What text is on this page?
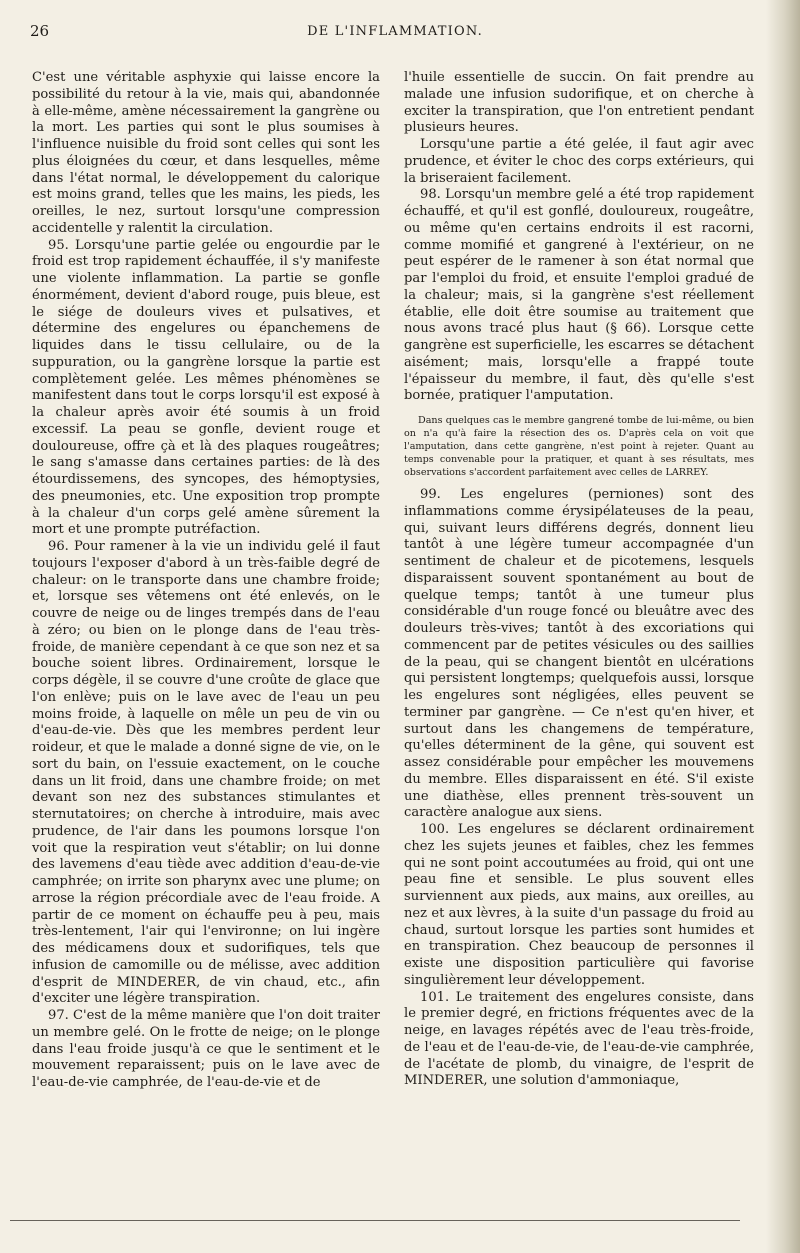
26	DE L'INFLAMMATION.

C'est une véritable asphyxie qui laisse encore la possibilité du retour à la vie, mais qui, abandonnée à elle-même, amène nécessairement la gangrène ou la mort. Les parties qui sont le plus soumises à l'influence nuisible du froid sont celles qui sont les plus éloignées du cœur, et dans lesquelles, même dans l'état normal, le développement du calorique est moins grand, telles que les mains, les pieds, les oreilles, le nez, surtout lorsqu'une compression accidentelle y ralentit la circulation.

95. Lorsqu'une partie gelée ou engourdie par le froid est trop rapidement échauffée, il s'y manifeste une violente inflammation. La partie se gonfle énormément, devient d'abord rouge, puis bleue, est le siége de douleurs vives et pulsatives, et détermine des engelures ou épanchemens de liquides dans le tissu cellulaire, ou de la suppuration, ou la gangrène lorsque la partie est complètement gelée. Les mêmes phénomènes se manifestent dans tout le corps lorsqu'il est exposé à la chaleur après avoir été soumis à un froid excessif. La peau se gonfle, devient rouge et douloureuse, offre çà et là des plaques rougeâtres; le sang s'amasse dans certaines parties: de là des étourdissemens, des syncopes, des hémoptysies, des pneumonies, etc. Une exposition trop prompte à la chaleur d'un corps gelé amène sûrement la mort et une prompte putréfaction.

96. Pour ramener à la vie un individu gelé il faut toujours l'exposer d'abord à un très-faible degré de chaleur: on le transporte dans une chambre froide; et, lorsque ses vêtemens ont été enlevés, on le couvre de neige ou de linges trempés dans de l'eau à zéro; ou bien on le plonge dans de l'eau très-froide, de manière cependant à ce que son nez et sa bouche soient libres. Ordinairement, lorsque le corps dégèle, il se couvre d'une croûte de glace que l'on enlève; puis on le lave avec de l'eau un peu moins froide, à laquelle on mêle un peu de vin ou d'eau-de-vie. Dès que les membres perdent leur roideur, et que le malade a donné signe de vie, on le sort du bain, on l'essuie exactement, on le couche dans un lit froid, dans une chambre froide; on met devant son nez des substances stimulantes et sternutatoires; on cherche à introduire, mais avec prudence, de l'air dans les poumons lorsque l'on voit que la respiration veut s'établir; on lui donne des lavemens d'eau tiède avec addition d'eau-de-vie camphrée; on irrite son pharynx avec une plume; on arrose la région précordiale avec de l'eau froide. A partir de ce moment on échauffe peu à peu, mais très-lentement, l'air qui l'environne; on lui ingère des médicamens doux et sudorifiques, tels que infusion de camomille ou de mélisse, avec addition d'esprit de MINDERER, de vin chaud, etc., afin d'exciter une légère transpiration.

97. C'est de la même manière que l'on doit traiter un membre gelé. On le frotte de neige; on le plonge dans l'eau froide jusqu'à ce que le sentiment et le mouvement reparaissent; puis on le lave avec de l'eau-de-vie camphrée, de l'eau-de-vie et de

l'huile essentielle de succin. On fait prendre au malade une infusion sudorifique, et on cherche à exciter la transpiration, que l'on entretient pendant plusieurs heures.

Lorsqu'une partie a été gelée, il faut agir avec prudence, et éviter le choc des corps extérieurs, qui la briseraient facilement.

98. Lorsqu'un membre gelé a été trop rapidement échauffé, et qu'il est gonflé, douloureux, rougeâtre, ou même qu'en certains endroits il est racorni, comme momifié et gangrené à l'extérieur, on ne peut espérer de le ramener à son état normal que par l'emploi du froid, et ensuite l'emploi gradué de la chaleur; mais, si la gangrène s'est réellement établie, elle doit être soumise au traitement que nous avons tracé plus haut (§ 66). Lorsque cette gangrène est superficielle, les escarres se détachent aisément; mais, lorsqu'elle a frappé toute l'épaisseur du membre, il faut, dès qu'elle s'est bornée, pratiquer l'amputation.

Dans quelques cas le membre gangrené tombe de lui-même, ou bien on n'a qu'à faire la résection des os. D'après cela on voit que l'amputation, dans cette gangrène, n'est point à rejeter. Quant au temps convenable pour la pratiquer, et quant à ses résultats, mes observations s'accordent parfaitement avec celles de LARREY.

99. Les engelures (perniones) sont des inflammations comme érysipélateuses de la peau, qui, suivant leurs différens degrés, donnent lieu tantôt à une légère tumeur accompagnée d'un sentiment de chaleur et de picotemens, lesquels disparaissent souvent spontanément au bout de quelque temps; tantôt à une tumeur plus considérable d'un rouge foncé ou bleuâtre avec des douleurs très-vives; tantôt à des excoriations qui commencent par de petites vésicules ou des saillies de la peau, qui se changent bientôt en ulcérations qui persistent longtemps; quelquefois aussi, lorsque les engelures sont négligées, elles peuvent se terminer par gangrène. — Ce n'est qu'en hiver, et surtout dans les changemens de température, qu'elles déterminent de la gêne, qui souvent est assez considérable pour empêcher les mouvemens du membre. Elles disparaissent en été. S'il existe une diathèse, elles prennent très-souvent un caractère analogue aux siens.

100. Les engelures se déclarent ordinairement chez les sujets jeunes et faibles, chez les femmes qui ne sont point accoutumées au froid, qui ont une peau fine et sensible. Le plus souvent elles surviennent aux pieds, aux mains, aux oreilles, au nez et aux lèvres, à la suite d'un passage du froid au chaud, surtout lorsque les parties sont humides et en transpiration. Chez beaucoup de personnes il existe une disposition particulière qui favorise singulièrement leur développement.

101. Le traitement des engelures consiste, dans le premier degré, en frictions fréquentes avec de la neige, en lavages répétés avec de l'eau très-froide, de l'eau et de l'eau-de-vie, de l'eau-de-vie camphrée, de l'acétate de plomb, du vinaigre, de l'esprit de MINDERER, une solution d'ammoniaque,
